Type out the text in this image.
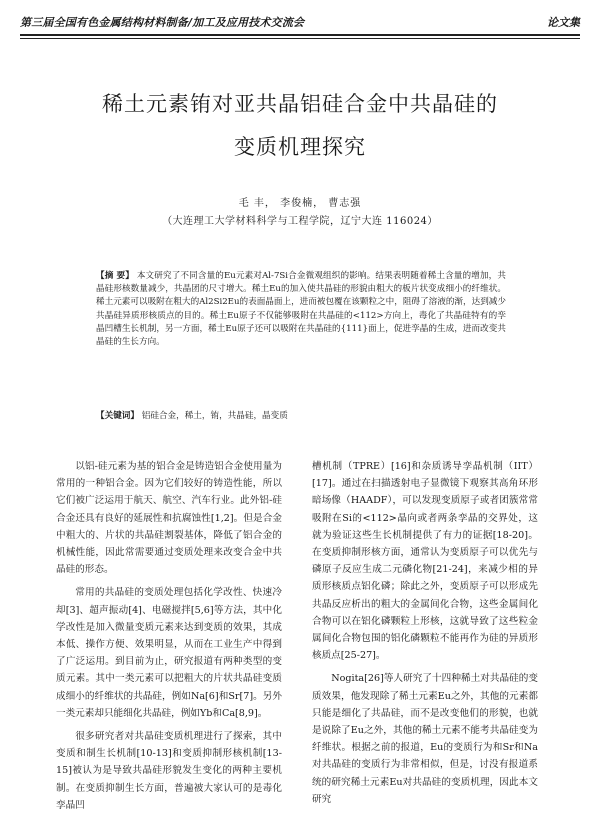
第三届全国有色金属结构材料制备/加工及应用技术交流会	论文集
稀土元素铕对亚共晶铝硅合金中共晶硅的
变质机理探究
毛 丰， 李俊楠， 曹志强
（大连理工大学材料科学与工程学院，辽宁大连 116024）
【摘 要】 本文研究了不同含量的Eu元素对Al-7Si合金微观组织的影响。结果表明随着稀土含量的增加，共晶硅形核数量减少，共晶团的尺寸增大。稀土Eu的加入使共晶硅的形貌由粗大的板片状变成细小的纤维状。稀土元素可以吸附在粗大的Al2Si2Eu的表面晶面上，进而被包覆在该颗粒之中，阻碍了溶液的渐，达到减少共晶硅异质形核质点的目的。稀土Eu原子不仅能够吸附在共晶硅的<112>方向上，毒化了共晶硅特有的孪晶凹槽生长机制，另一方面，稀土Eu原子还可以吸附在共晶硅的{111}面上，促进孪晶的生成，进而改变共晶硅的生长方向。
【关键词】 铝硅合金，稀土，铕，共晶硅，晶变质

以铝-硅元素为基的铝合金是铸造铝合金使用量为常用的一种铝合金。因为它们较好的铸造性能，所以它们被广泛运用于航天、航空、汽车行业。此外铝-硅合金还具有良好的延展性和抗腐蚀性[1,2]。但是合金中粗大的、片状的共晶硅割裂基体，降低了铝合金的机械性能，因此常需要通过变质处理来改变合金中共晶硅的形态。

常用的共晶硅的变质处理包括化学改性、快速冷却[3]、超声振动[4]、电磁搅拌[5,6]等方法，其中化学改性是加入微量变质元素来达到变质的效果，其成本低、操作方便、效果明显，从而在工业生产中得到了广泛运用。到目前为止，研究报道有两种类型的变质元素。其中一类元素可以把粗大的片状共晶硅变质成细小的纤维状的共晶硅，例如Na[6]和Sr[7]。另外一类元素却只能细化共晶硅，例如Yb和Ca[8,9]。

很多研究者对共晶硅变质机理进行了探索，其中变质和制生长机制[10-13]和变质抑制形核机制[13-15]被认为是导致共晶硅形貌发生变化的两种主要机制。在变质抑制生长方面，普遍被大家认可的是毒化孪晶凹

槽机制（TPRE）[16]和杂质诱导孪晶机制（IIT）[17]。通过在扫描透射电子显微镜下观察其高角环形暗场像（HAADF），可以发现变质原子或者团簇常常吸附在Si的<112>晶向或者两条孪晶的交界处，这就为验证这些生长机制提供了有力的证据[18-20]。在变质抑制形核方面，通常认为变质原子可以优先与磷原子反应生成二元磷化物[21-24]，来减少相的异质形核质点铝化磷；除此之外，变质原子可以形成先共晶反应析出的粗大的金属间化合物，这些金属间化合物可以在铝化磷颗粒上形核，这就导致了这些粒金属间化合物包围的铝化磷颗粒不能再作为硅的异质形核质点[25-27]。

Nogita[26]等人研究了十四种稀土对共晶硅的变质效果，他发现除了稀土元素Eu之外，其他的元素都只能是细化了共晶硅，而不是改变他们的形貌，也就是说除了Eu之外，其他的稀土元素不能考共晶硅变为纤维状。根据之前的报道，Eu的变质行为和Sr和Na对共晶硅的变质行为非常相似，但是，讨没有报道系统的研究稀土元素Eu对共晶硅的变质机理，因此本文研究
